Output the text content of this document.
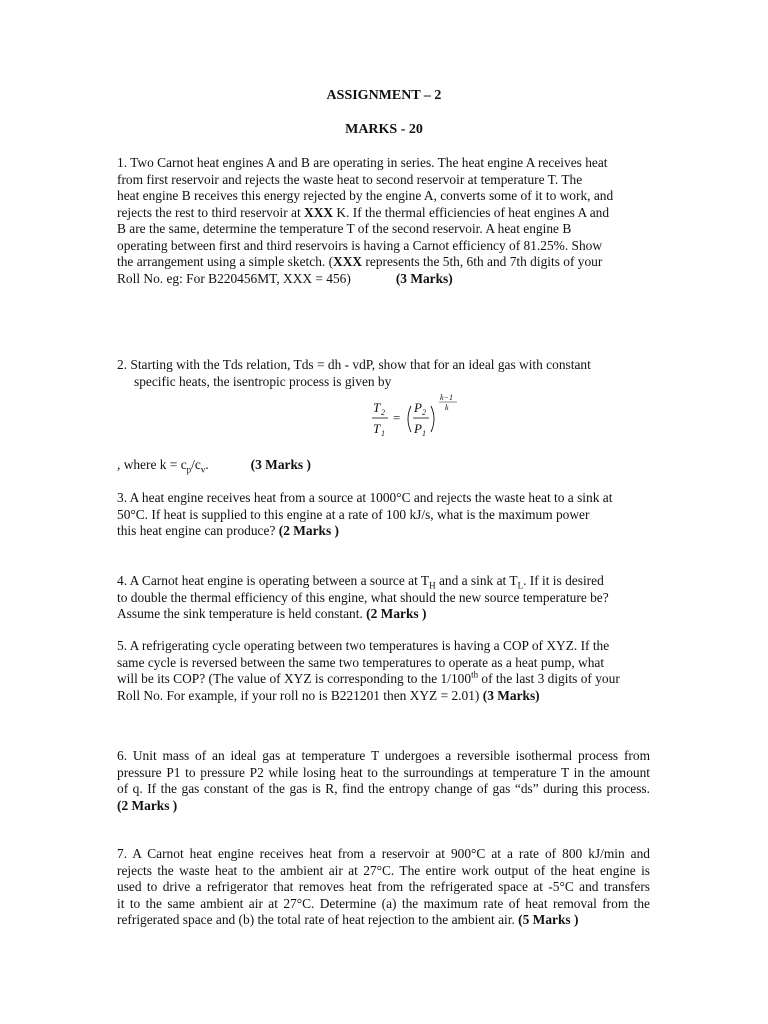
ASSIGNMENT – 2
MARKS - 20
1. Two Carnot heat engines A and B are operating in series. The heat engine A receives heat
from first reservoir and rejects the waste heat to second reservoir at temperature T. The
heat engine B receives this energy rejected by the engine A, converts some of it to work, and
rejects the rest to third reservoir at XXX K. If the thermal efficiencies of heat engines A and
B are the same, determine the temperature T of the second reservoir. A heat engine B
operating between first and third reservoirs is having a Carnot efficiency of 81.25%. Show
the arrangement using a simple sketch. (XXX represents the 5th, 6th and 7th digits of your
Roll No. eg: For B220456MT, XXX = 456)	(3 Marks)
2. Starting with the Tds relation, Tds = dh - vdP, show that for an ideal gas with constant
specific heats, the isentropic process is given by
T 2
T 1
=
P 2
P 1
k−1
k
, where $k = c_p/c_v$.	(3 Marks )
3. A heat engine receives heat from a source at 1000°C and rejects the waste heat to a sink at
50°C. If heat is supplied to this engine at a rate of 100 kJ/s, what is the maximum power
this heat engine can produce? (2 Marks )
4. A Carnot heat engine is operating between a source at $T_H$ and a sink at $T_L$. If it is desired
to double the thermal efficiency of this engine, what should the new source temperature be?
Assume the sink temperature is held constant. (2 Marks )
5. A refrigerating cycle operating between two temperatures is having a COP of XYZ. If the
same cycle is reversed between the same two temperatures to operate as a heat pump, what
will be its COP? (The value of XYZ is corresponding to the 1/100th of the last 3 digits of your
Roll No. For example, if your roll no is B221201 then XYZ = 2.01) (3 Marks)
6. Unit mass of an ideal gas at temperature T undergoes a reversible isothermal process from
pressure P1 to pressure P2 while losing heat to the surroundings at temperature T in the amount
of q. If the gas constant of the gas is R, find the entropy change of gas “ds” during this process.
(2 Marks )
7. A Carnot heat engine receives heat from a reservoir at 900°C at a rate of 800 kJ/min and
rejects the waste heat to the ambient air at 27°C. The entire work output of the heat engine is
used to drive a refrigerator that removes heat from the refrigerated space at -5°C and transfers
it to the same ambient air at 27°C. Determine (a) the maximum rate of heat removal from the
refrigerated space and (b) the total rate of heat rejection to the ambient air. (5 Marks )
